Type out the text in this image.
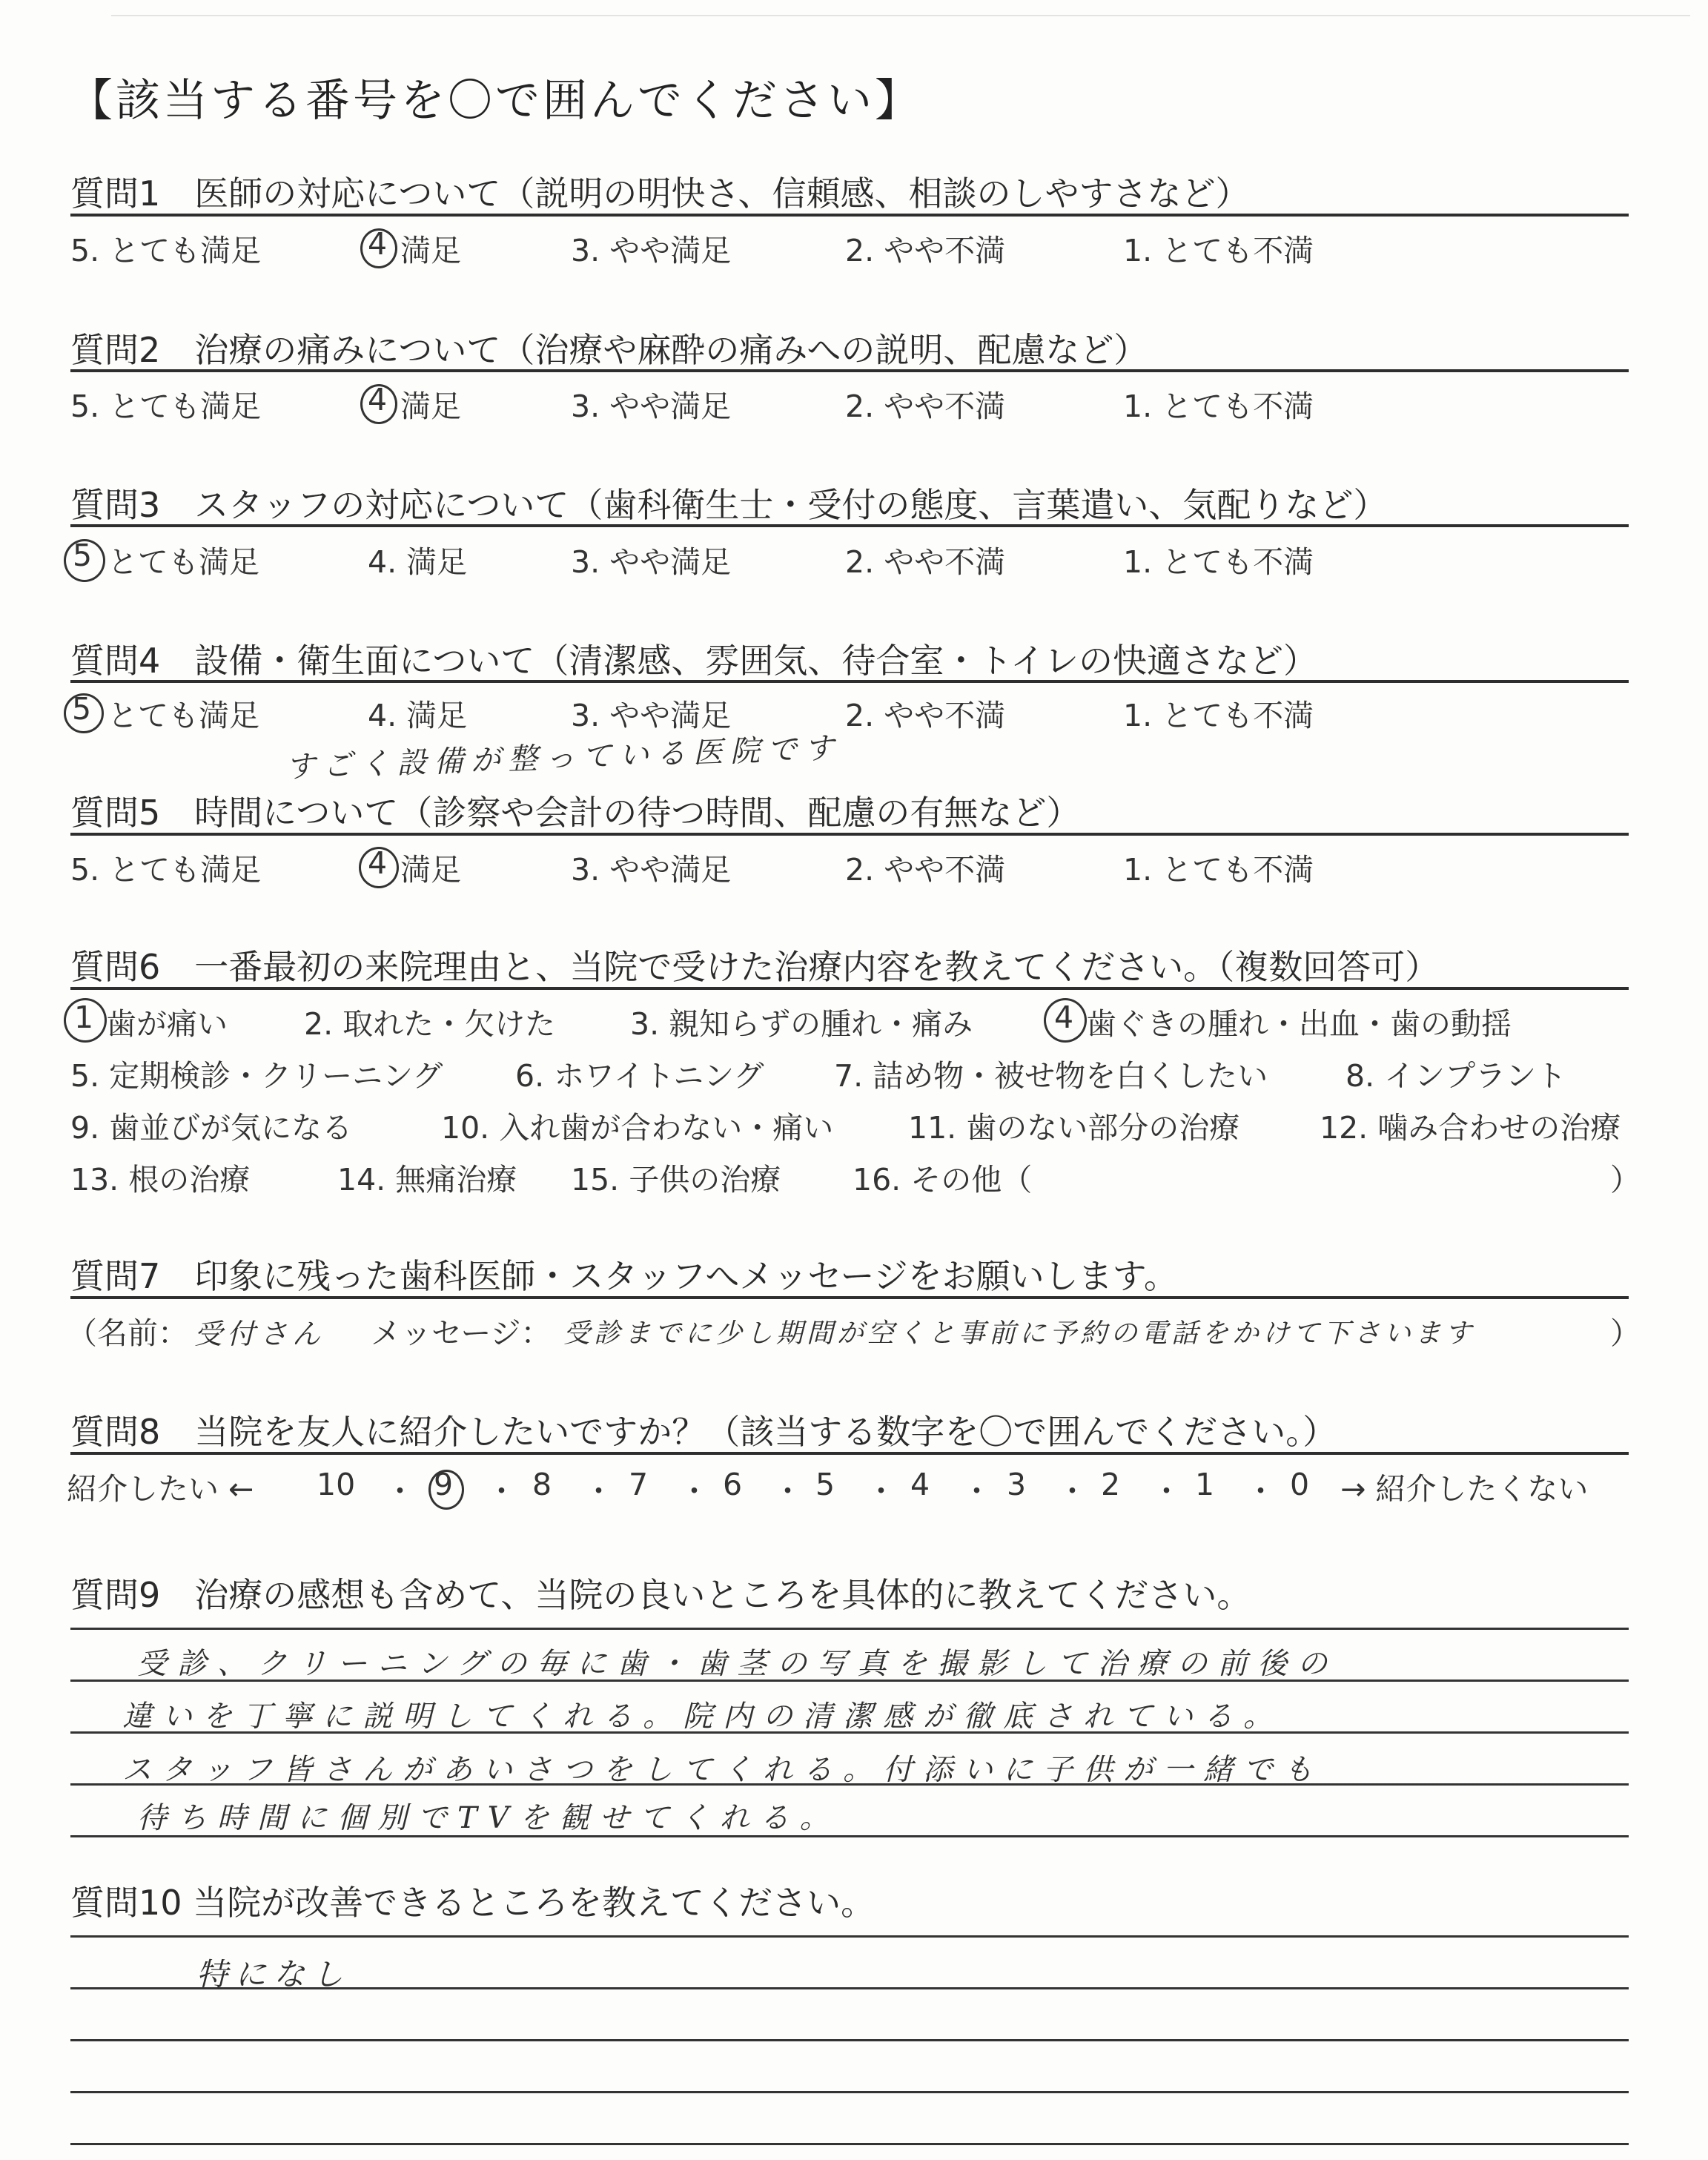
【該当する番号を〇で囲んでください】
質問1　医師の対応について（説明の明快さ、信頼感、相談のしやすさなど）
5. とても満足	4 満足	3. やや満足	2. やや不満	1. とても不満
質問2　治療の痛みについて（治療や麻酔の痛みへの説明、配慮など）
5. とても満足	4 満足	3. やや満足	2. やや不満	1. とても不満
質問3　スタッフの対応について（歯科衛生士・受付の態度、言葉遣い、気配りなど）
5 とても満足	4. 満足	3. やや満足	2. やや不満	1. とても不満
質問4　設備・衛生面について（清潔感、雰囲気、待合室・トイレの快適さなど）
5 とても満足	4. 満足	3. やや満足	2. やや不満	1. とても不満
すごく設備が整っている医院です
質問5　時間について（診察や会計の待つ時間、配慮の有無など）
5. とても満足	4 満足	3. やや満足	2. やや不満	1. とても不満
質問6　一番最初の来院理由と、当院で受けた治療内容を教えてください。（複数回答可）
1 歯が痛い	2. 取れた・欠けた 3. 親知らずの腫れ・痛み	4 歯ぐきの腫れ・出血・歯の動揺
5. 定期検診・クリーニング 6. ホワイトニング 7. 詰め物・被せ物を白くしたい	8. インプラント
9. 歯並びが気になる	10. 入れ歯が合わない・痛い 11. 歯のない部分の治療	12. 噛み合わせの治療
13. 根の治療	14. 無痛治療 15. 子供の治療 16. その他（	）
質問7　印象に残った歯科医師・スタッフへメッセージをお願いします。
（名前： 受付さん メッセージ： 受診までに少し期間が空くと事前に予約の電話をかけて下さいます	）
質問8　当院を友人に紹介したいですか？（該当する数字を〇で囲んでください。）
紹介したい ← 10 ・ 9 ・ 8 ・ 7 ・ 6 ・ 5 ・ 4 ・ 3 ・ 2 ・ 1 ・ 0 → 紹介したくない
質問9　治療の感想も含めて、当院の良いところを具体的に教えてください。
受診、クリーニングの毎に歯・歯茎の写真を撮影して治療の前後の
違いを丁寧に説明してくれる。院内の清潔感が徹底されている。
スタッフ皆さんがあいさつをしてくれる。付添いに子供が一緒でも
待ち時間に個別でTVを観せてくれる。
質問10 当院が改善できるところを教えてください。
特になし
